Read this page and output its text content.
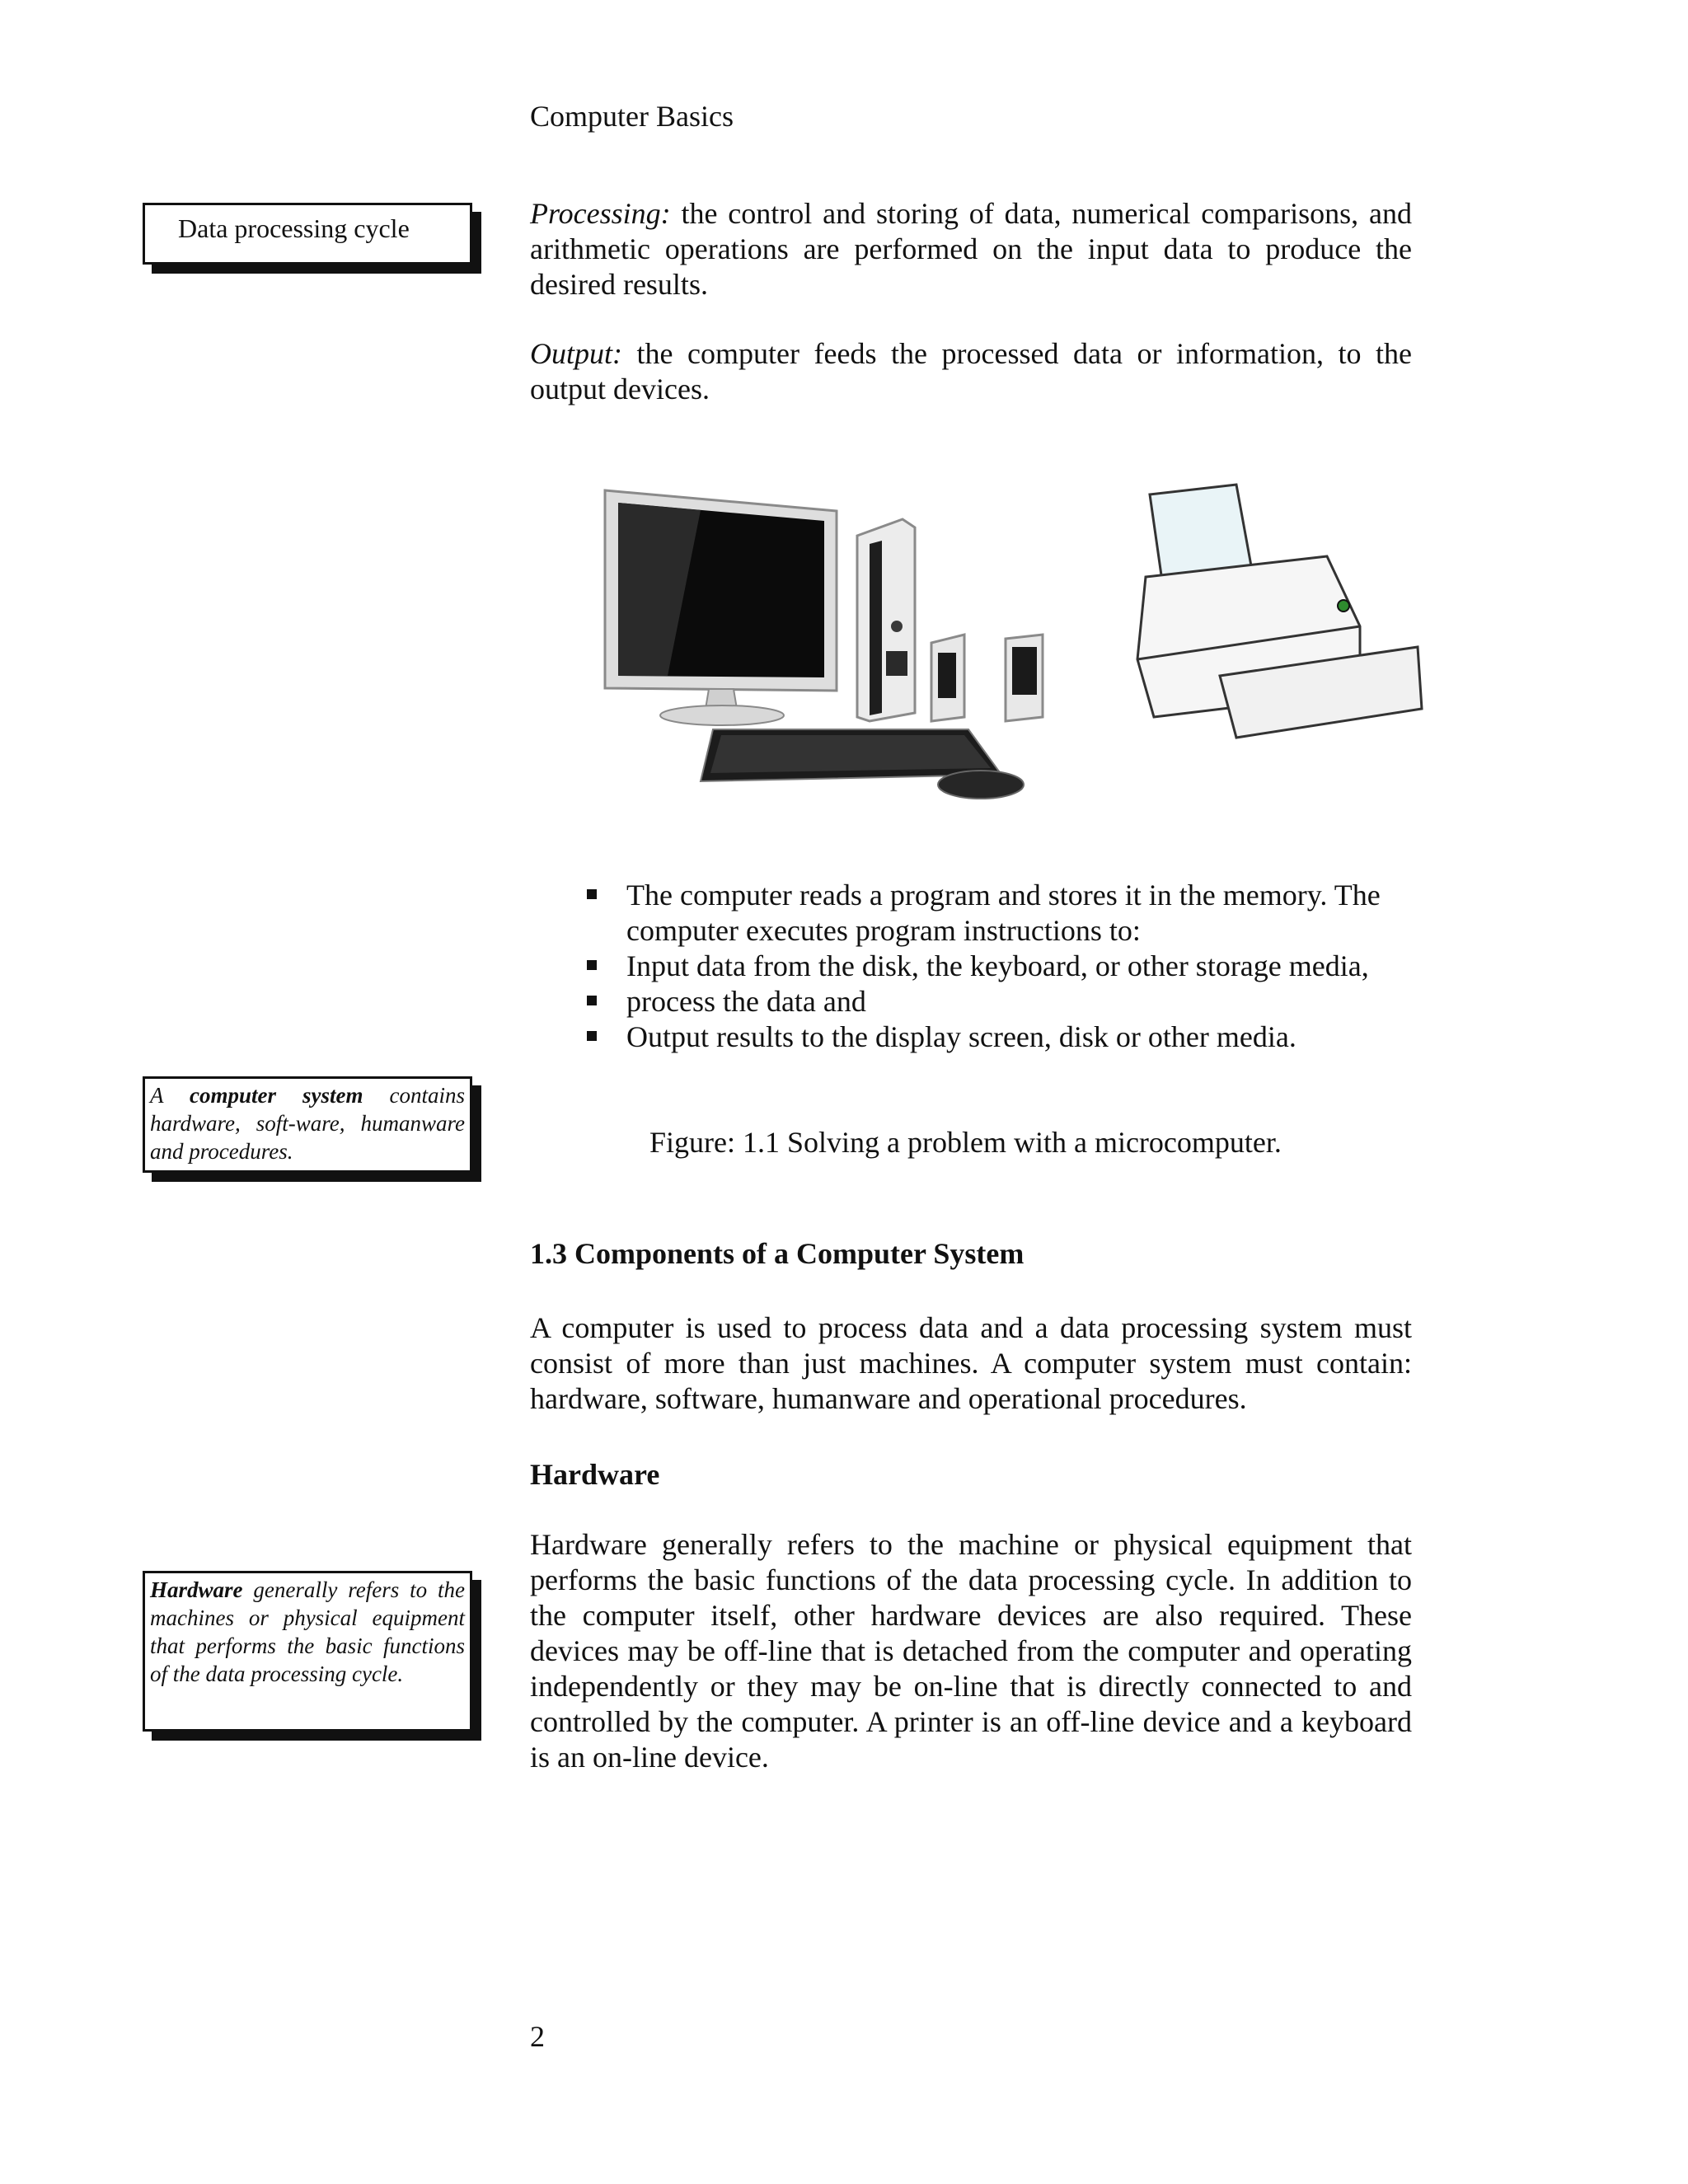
Computer Basics
Data processing cycle
A computer system contains hardware, soft-ware, humanware and procedures.
Hardware generally refers to the machines or physical equipment that performs the basic functions of the data processing cycle.

Processing: the control and storing of data, numerical comparisons, and arithmetic operations are performed on the input data to produce the desired results.

Output: the computer feeds the processed data or information, to the output devices.

The computer reads a program and stores it in the memory. The computer executes program instructions to:
Input data from the disk, the keyboard, or other storage media,
process the data and
Output results to the display screen, disk or other media.
Figure: 1.1 Solving a problem with a microcomputer.
1.3 Components of a Computer System

A computer is used to process data and a data processing system must consist of more than just machines. A computer system must contain: hardware, software, humanware and operational procedures.

Hardware

Hardware generally refers to the machine or physical equipment that performs the basic functions of the data processing cycle. In addition to the computer itself, other hardware devices are also required. These devices may be off-line that is detached from the computer and operating independently or they may be on-line that is directly connected to and controlled by the computer. A printer is an off-line device and a keyboard is an on-line device.

2
